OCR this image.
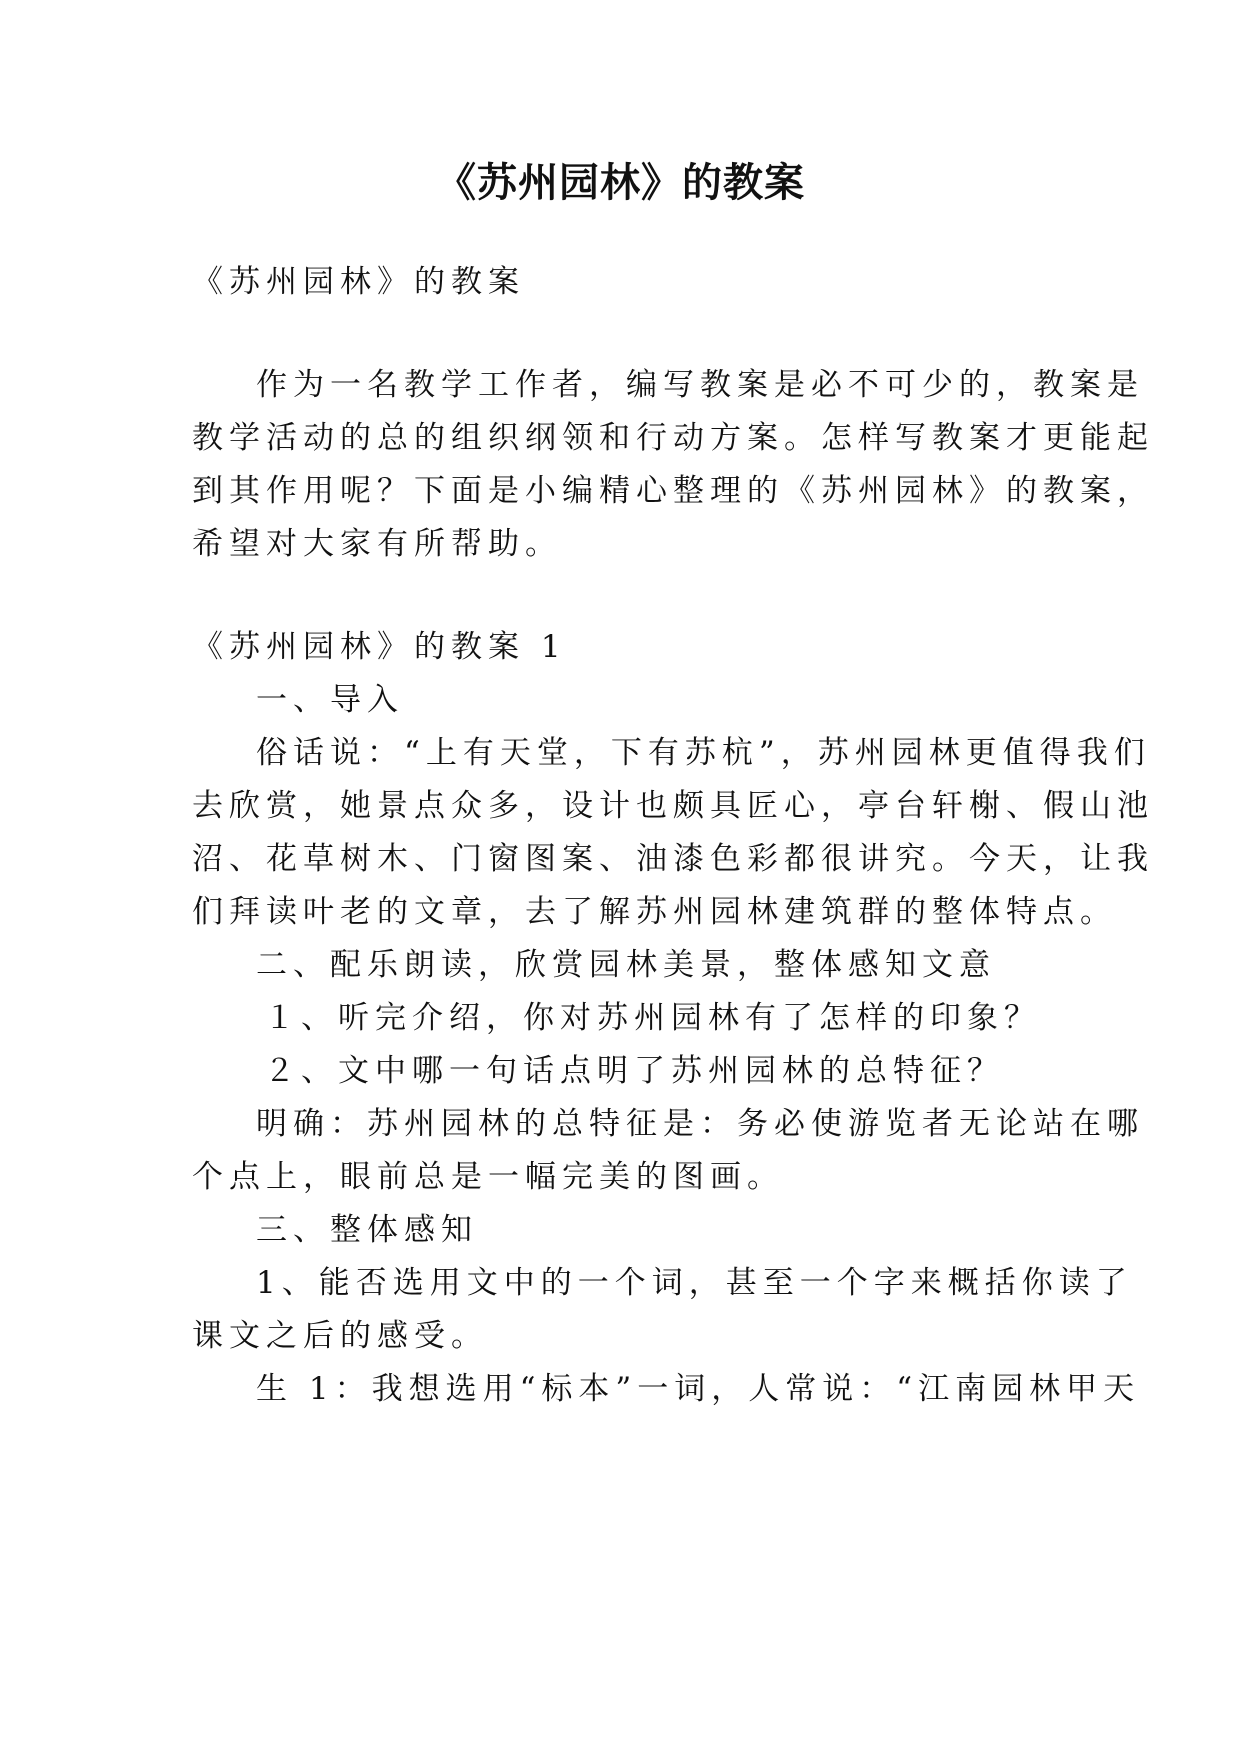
《苏州园林》的教案
《苏州园林》的教案
作为一名教学工作者，编写教案是必不可少的，教案是
教学活动的总的组织纲领和行动方案。怎样写教案才更能起
到其作用呢？下面是小编精心整理的《苏州园林》的教案，
希望对大家有所帮助。
《苏州园林》的教案 1
一、导入
俗话说：“上有天堂，下有苏杭”，苏州园林更值得我们
去欣赏，她景点众多，设计也颇具匠心，亭台轩榭、假山池
沼、花草树木、门窗图案、油漆色彩都很讲究。今天，让我
们拜读叶老的文章，去了解苏州园林建筑群的整体特点。
二、配乐朗读，欣赏园林美景，整体感知文意
１、听完介绍，你对苏州园林有了怎样的印象？
２、文中哪一句话点明了苏州园林的总特征？
明确：苏州园林的总特征是：务必使游览者无论站在哪
个点上，眼前总是一幅完美的图画。
三、整体感知
1、能否选用文中的一个词，甚至一个字来概括你读了
课文之后的感受。
生 1：我想选用“标本”一词，人常说：“江南园林甲天
